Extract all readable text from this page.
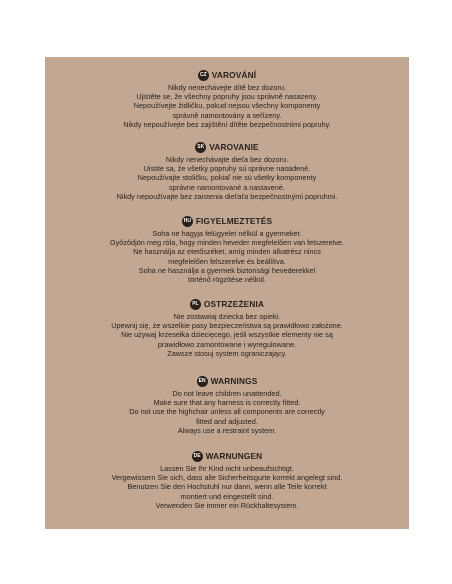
CZ VAROVÁNÍ
Nikdy nenechávejte dítě bez dozoru.
Ujistěte se, že všechny popruhy jsou správně nasazeny.
Nepoužívejte židličku, pokud nejsou všechny komponenty
správně namontovány a seřízeny.
Nikdy nepoužívejte bez zajištění dítěte bezpečnostními popruhy.
SK VAROVANIE
Nikdy nenechávajte dieťa bez dozoru.
Uistite sa, že všetky popruhy sú správne nasadené.
Nepoužívajte stoličku, pokiaľ nie sú všetky komponenty
správne namontované a nastavené.
Nikdy nepoužívajte bez zaistenia dieťaťa bezpečnostnými popruhmi.
HU FIGYELMEZTETÉS
Soha ne hagyja felügyelet nélkül a gyermeket.
Győződjön meg róla, hogy minden heveder megfelelően van felszerelve.
Ne használja az etetőszéket, amíg minden alkatrész nincs
megfelelően felszerelve és beállítva.
Soha ne használja a gyermek biztonsági hevederekkel
történő rögzítése nélkül.
PL OSTRZEŻENIA
Nie zostawiaj dziecka bez opieki.
Upewnij się, że wszelkie pasy bezpieczeństwa są prawidłowo założone.
Nie używaj krzesełka dziecięcego, jeśli wszystkie elementy nie są
prawidłowo zamontowane i wyregulowane.
Zawsze stosuj system ograniczający.
EN WARNINGS
Do not leave children unattended.
Make sure that any harness is correctly fitted.
Do not use the highchair unless all components are correctly
fitted and adjusted.
Always use a restraint system.
DE WARNUNGEN
Lassen Sie Ihr Kind nicht unbeaufsichtigt.
Vergewissern Sie sich, dass alle Sicherheitsgurte korrekt angelegt sind.
Benutzen Sie den Hochstuhl nur dann, wenn alle Teile korrekt
montiert und eingestellt sind.
Verwenden Sie immer ein Rückhaltesystem.
